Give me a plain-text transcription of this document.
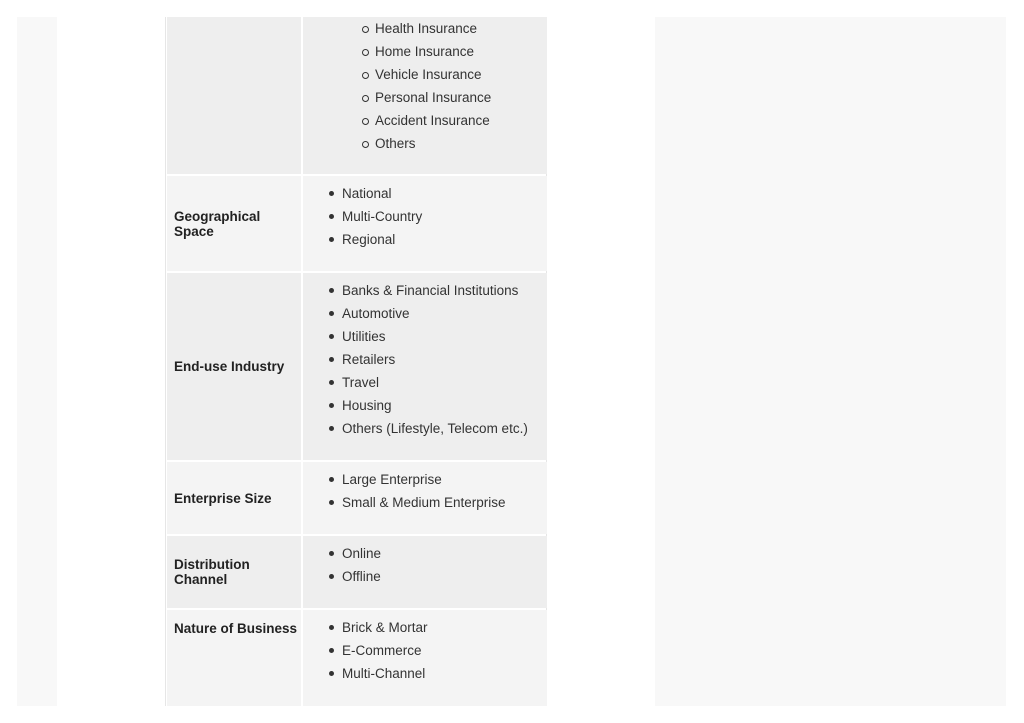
Health Insurance
Home Insurance
Vehicle Insurance
Personal Insurance
Accident Insurance
Others
Geographical Space
National
Multi-Country
Regional
End-use Industry
Banks & Financial Institutions
Automotive
Utilities
Retailers
Travel
Housing
Others (Lifestyle, Telecom etc.)
Enterprise Size
Large Enterprise
Small & Medium Enterprise
Distribution Channel
Online
Offline
Nature of Business	Brick & Mortar
E-Commerce
Multi-Channel
